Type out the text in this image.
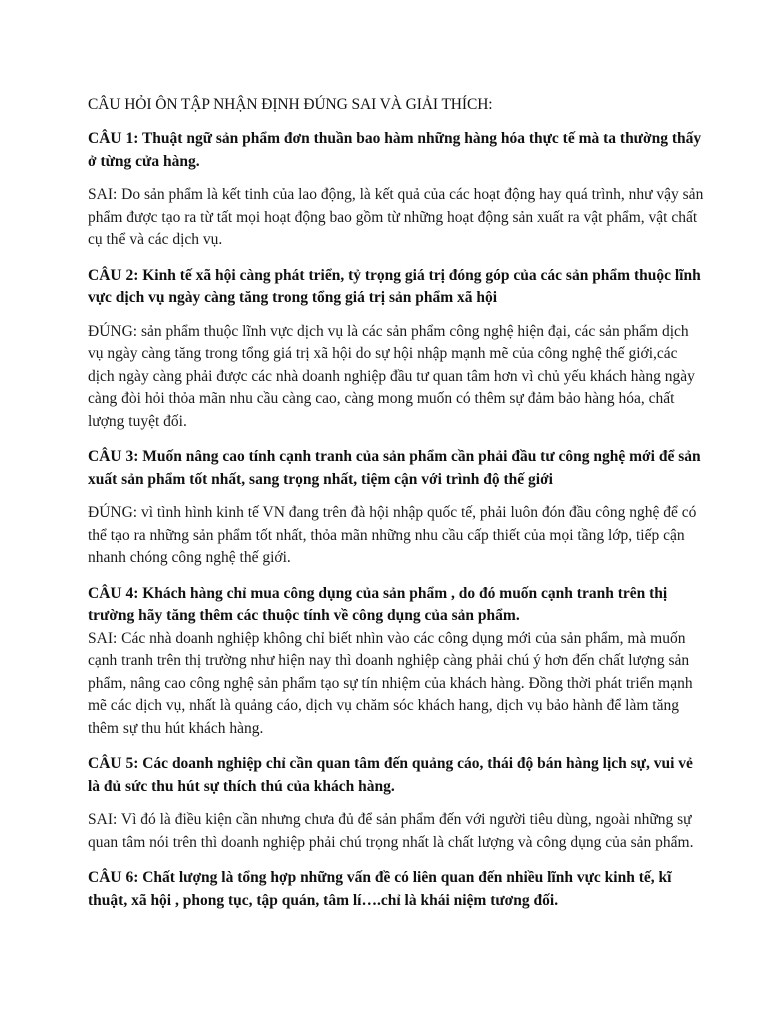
CÂU HỎI ÔN TẬP NHẬN ĐỊNH ĐÚNG SAI VÀ GIẢI THÍCH:

CÂU 1: Thuật ngữ sản phẩm đơn thuần bao hàm những hàng hóa thực tế mà ta thường thấy ở từng cửa hàng.

SAI: Do sản phẩm là kết tinh của lao động, là kết quả của các hoạt động hay quá trình, như vậy sản phẩm được tạo ra từ tất mọi hoạt động bao gồm từ những hoạt động sản xuất ra vật phẩm, vật chất cụ thể và các dịch vụ.

CÂU 2: Kinh tế xã hội càng phát triển, tỷ trọng giá trị đóng góp của các sản phẩm thuộc lĩnh vực dịch vụ ngày càng tăng trong tổng giá trị sản phẩm xã hội

ĐÚNG: sản phẩm thuộc lĩnh vực dịch vụ là các sản phẩm công nghệ hiện đại, các sản phẩm dịch vụ ngày càng tăng trong tổng giá trị xã hội do sự hội nhập mạnh mẽ của công nghệ thế giới,các dịch ngày càng phải được các nhà doanh nghiệp đầu tư quan tâm hơn vì chủ yếu khách hàng ngày càng đòi hỏi thỏa mãn nhu cầu càng cao, càng mong muốn có thêm sự đảm bảo hàng hóa, chất lượng tuyệt đối.

CÂU 3: Muốn nâng cao tính cạnh tranh của sản phẩm cần phải đầu tư công nghệ mới để sản xuất sản phẩm tốt nhất, sang trọng nhất, tiệm cận với trình độ thế giới

ĐÚNG: vì tình hình kinh tế VN đang trên đà hội nhập quốc tế, phải luôn đón đầu công nghệ để có thể tạo ra những sản phẩm tốt nhất, thỏa mãn những nhu cầu cấp thiết của mọi tầng lớp, tiếp cận nhanh chóng công nghệ thế giới.

CÂU 4: Khách hàng chỉ mua công dụng của sản phẩm , do đó muốn cạnh tranh trên thị trường hãy tăng thêm các thuộc tính về công dụng của sản phẩm.

SAI: Các nhà doanh nghiệp không chỉ biết nhìn vào các công dụng mới của sản phẩm, mà muốn cạnh tranh trên thị trường như hiện nay thì doanh nghiệp càng phải chú ý hơn đến chất lượng sản phẩm, nâng cao công nghệ sản phẩm tạo sự tín nhiệm của khách hàng. Đồng thời phát triển mạnh mẽ các dịch vụ, nhất là quảng cáo, dịch vụ chăm sóc khách hang, dịch vụ bảo hành để làm tăng thêm sự thu hút khách hàng.

CÂU 5: Các doanh nghiệp chỉ cần quan tâm đến quảng cáo, thái độ bán hàng lịch sự, vui vẻ là đủ sức thu hút sự thích thú của khách hàng.

SAI: Vì đó là điều kiện cần nhưng chưa đủ để sản phẩm đến với người tiêu dùng, ngoài những sự quan tâm nói trên thì doanh nghiệp phải chú trọng nhất là chất lượng và công dụng của sản phẩm.

CÂU 6: Chất lượng là tổng hợp những vấn đề có liên quan đến nhiều lĩnh vực kinh tế, kĩ thuật, xã hội , phong tục, tập quán, tâm lí….chỉ là khái niệm tương đối.
